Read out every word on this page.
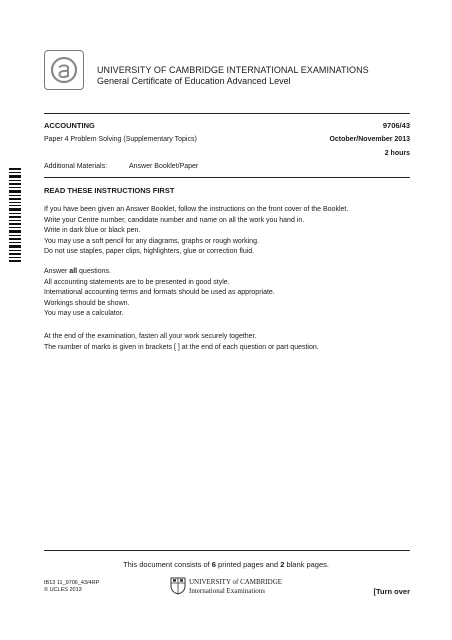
UNIVERSITY OF CAMBRIDGE INTERNATIONAL EXAMINATIONS
General Certificate of Education Advanced Level
ACCOUNTING	9706/43
Paper 4 Problem Solving (Supplementary Topics)	October/November 2013
2 hours
Additional Materials:	Answer Booklet/Paper
READ THESE INSTRUCTIONS FIRST
If you have been given an Answer Booklet, follow the instructions on the front cover of the Booklet.
Write your Centre number, candidate number and name on all the work you hand in.
Write in dark blue or black pen.
You may use a soft pencil for any diagrams, graphs or rough working.
Do not use staples, paper clips, highlighters, glue or correction fluid.
Answer all questions.
All accounting statements are to be presented in good style.
International accounting terms and formats should be used as appropriate.
Workings should be shown.
You may use a calculator.
At the end of the examination, fasten all your work securely together.
The number of marks is given in brackets [ ] at the end of each question or part question.
This document consists of 6 printed pages and 2 blank pages.
IB13 11_9706_43/4RP
© UCLES 2013
UNIVERSITY of CAMBRIDGE
International Examinations	[Turn over
